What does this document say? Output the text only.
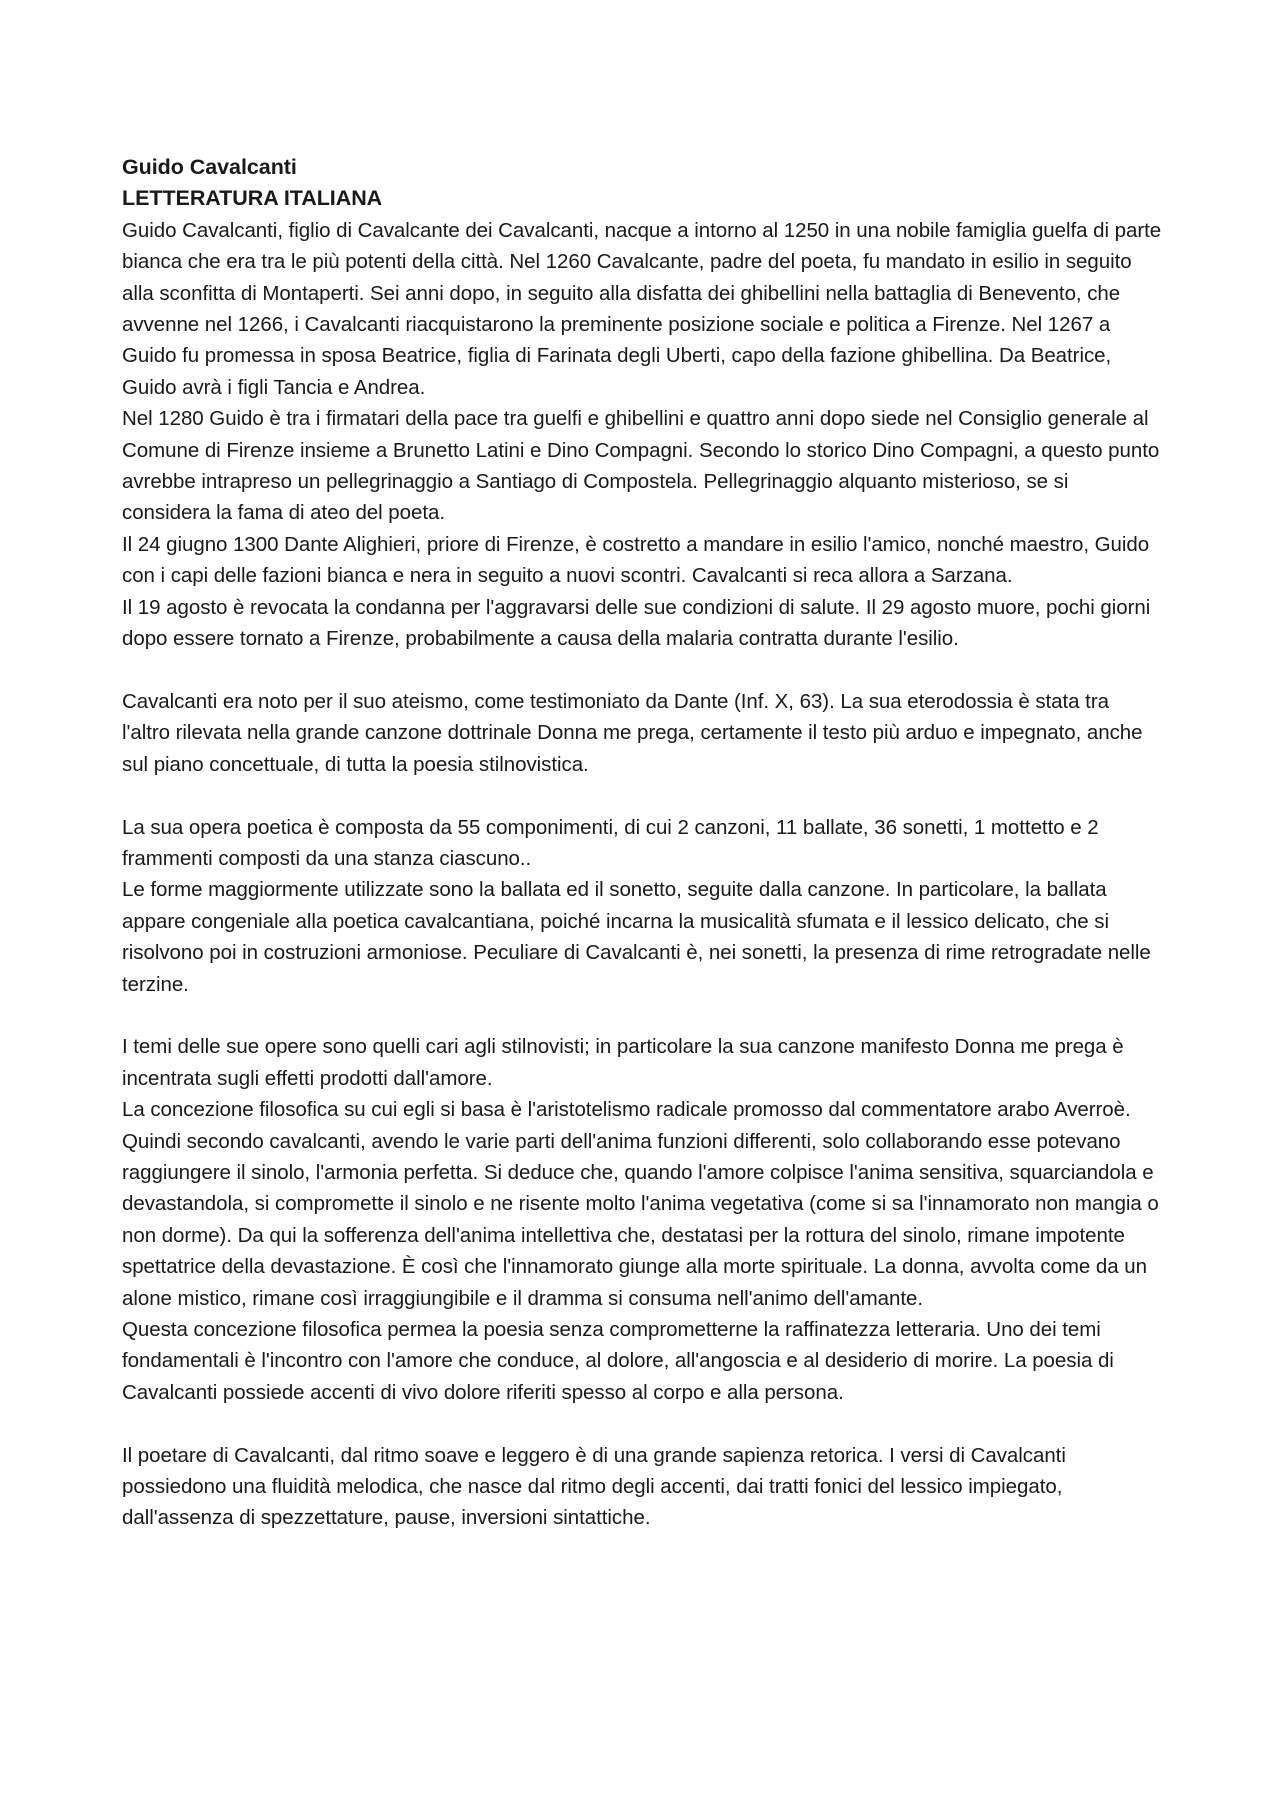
Guido Cavalcanti

LETTERATURA ITALIANA

Guido Cavalcanti, figlio di Cavalcante dei Cavalcanti, nacque a intorno al 1250 in una nobile famiglia guelfa di parte bianca che era tra le più potenti della città. Nel 1260 Cavalcante, padre del poeta, fu mandato in esilio in seguito alla sconfitta di Montaperti. Sei anni dopo, in seguito alla disfatta dei ghibellini nella battaglia di Benevento, che avvenne nel 1266, i Cavalcanti riacquistarono la preminente posizione sociale e politica a Firenze. Nel 1267 a Guido fu promessa in sposa Beatrice, figlia di Farinata degli Uberti, capo della fazione ghibellina. Da Beatrice, Guido avrà i figli Tancia e Andrea.

Nel 1280 Guido è tra i firmatari della pace tra guelfi e ghibellini e quattro anni dopo siede nel Consiglio generale al Comune di Firenze insieme a Brunetto Latini e Dino Compagni. Secondo lo storico Dino Compagni, a questo punto avrebbe intrapreso un pellegrinaggio a Santiago di Compostela. Pellegrinaggio alquanto misterioso, se si considera la fama di ateo del poeta.

Il 24 giugno 1300 Dante Alighieri, priore di Firenze, è costretto a mandare in esilio l'amico, nonché maestro, Guido con i capi delle fazioni bianca e nera in seguito a nuovi scontri. Cavalcanti si reca allora a Sarzana.

Il 19 agosto è revocata la condanna per l'aggravarsi delle sue condizioni di salute. Il 29 agosto muore, pochi giorni dopo essere tornato a Firenze, probabilmente a causa della malaria contratta durante l'esilio.

Cavalcanti era noto per il suo ateismo, come testimoniato da Dante (Inf. X, 63). La sua eterodossia è stata tra l'altro rilevata nella grande canzone dottrinale Donna me prega, certamente il testo più arduo e impegnato, anche sul piano concettuale, di tutta la poesia stilnovistica.

La sua opera poetica è composta da 55 componimenti, di cui 2 canzoni, 11 ballate, 36 sonetti, 1 mottetto e 2 frammenti composti da una stanza ciascuno..

Le forme maggiormente utilizzate sono la ballata ed il sonetto, seguite dalla canzone. In particolare, la ballata appare congeniale alla poetica cavalcantiana, poiché incarna la musicalità sfumata e il lessico delicato, che si risolvono poi in costruzioni armoniose. Peculiare di Cavalcanti è, nei sonetti, la presenza di rime retrogradate nelle terzine.

I temi delle sue opere sono quelli cari agli stilnovisti; in particolare la sua canzone manifesto Donna me prega è incentrata sugli effetti prodotti dall'amore.

La concezione filosofica su cui egli si basa è l'aristotelismo radicale promosso dal commentatore arabo Averroè. Quindi secondo cavalcanti, avendo le varie parti dell'anima funzioni differenti, solo collaborando esse potevano raggiungere il sinolo, l'armonia perfetta. Si deduce che, quando l'amore colpisce l'anima sensitiva, squarciandola e devastandola, si compromette il sinolo e ne risente molto l'anima vegetativa (come si sa l'innamorato non mangia o non dorme). Da qui la sofferenza dell'anima intellettiva che, destatasi per la rottura del sinolo, rimane impotente spettatrice della devastazione. È così che l'innamorato giunge alla morte spirituale. La donna, avvolta come da un alone mistico, rimane così irraggiungibile e il dramma si consuma nell'animo dell'amante.

Questa concezione filosofica permea la poesia senza comprometterne la raffinatezza letteraria. Uno dei temi fondamentali è l'incontro con l'amore che conduce, al dolore, all'angoscia e al desiderio di morire. La poesia di Cavalcanti possiede accenti di vivo dolore riferiti spesso al corpo e alla persona.

Il poetare di Cavalcanti, dal ritmo soave e leggero è di una grande sapienza retorica. I versi di Cavalcanti possiedono una fluidità melodica, che nasce dal ritmo degli accenti, dai tratti fonici del lessico impiegato, dall'assenza di spezzettature, pause, inversioni sintattiche.
